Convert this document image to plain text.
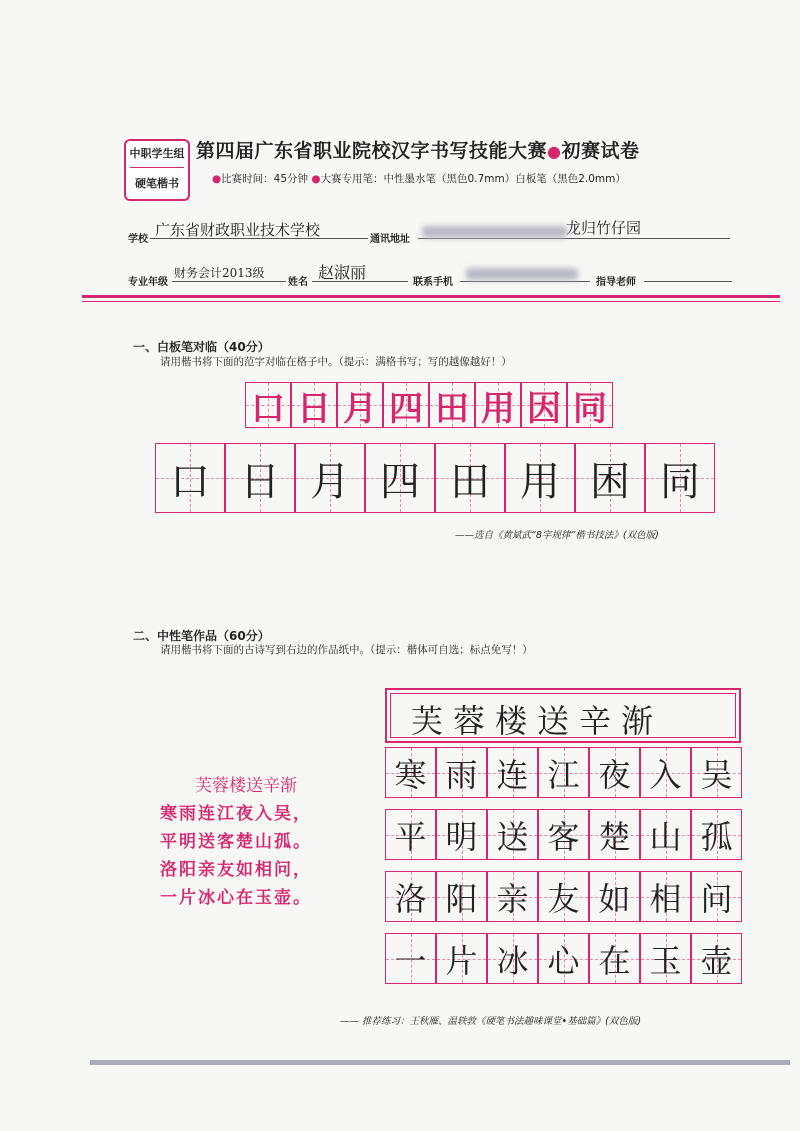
中职学生组
硬笔楷书
第四届广东省职业院校汉字书写技能大赛●初赛试卷
●比赛时间：45分钟 ●大赛专用笔：中性墨水笔（黑色0.7mm）白板笔（黑色2.0mm）
学校
广东省财政职业技术学校
通讯地址
龙归竹仔园
专业年级
财务会计2013级
姓名
赵淑丽
联系手机	指导老师
一、白板笔对临（40分）
请用楷书将下面的范字对临在格子中。（提示：满格书写；写的越像越好！）
口 日 月 四 田 用 因 同
口 日 月 四 田 用 困 同
——选自《黄斌武“8字规律”楷书技法》(双色版)
二、中性笔作品（60分）
请用楷书将下面的古诗写到右边的作品纸中。（提示：楷体可自选；标点免写！）
芙蓉楼送辛渐
寒雨连江夜入吴，
平明送客楚山孤。
洛阳亲友如相问，
一片冰心在玉壶。
芙蓉楼送辛渐
寒 雨 连 江 夜 入 吴
平 明 送 客 楚 山 孤
洛 阳 亲 友 如 相 问
一 片 冰 心 在 玉 壶
—— 推荐练习：王秋雁、温轶敦《硬笔书法趣味课堂•基础篇》(双色版)
